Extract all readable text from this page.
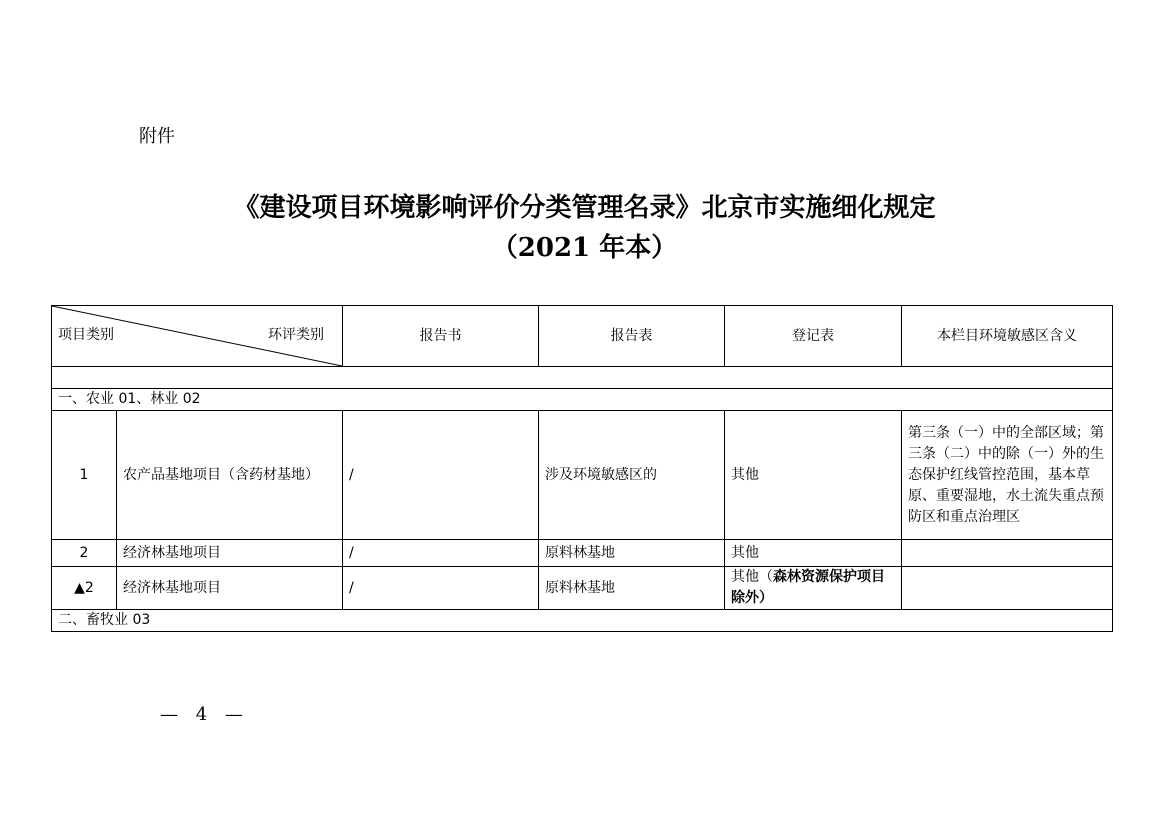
附件
《建设项目环境影响评价分类管理名录》北京市实施细化规定
（2021 年本）
项目类别 环评类别		报告书	报告表	登记表	本栏目环境敏感区含义

一、农业 01、林业 02					
1	农产品基地项目（含药材基地）	/	涉及环境敏感区的	其他	第三条（一）中的全部区域；第三条（二）中的除（一）外的生态保护红线管控范围，基本草原、重要湿地，水土流失重点预防区和重点治理区
2	经济林基地项目	/	原料林基地	其他	
▲2	经济林基地项目	/	原料林基地	其他（森林资源保护项目除外）	
二、畜牧业 03					
— 4 —
